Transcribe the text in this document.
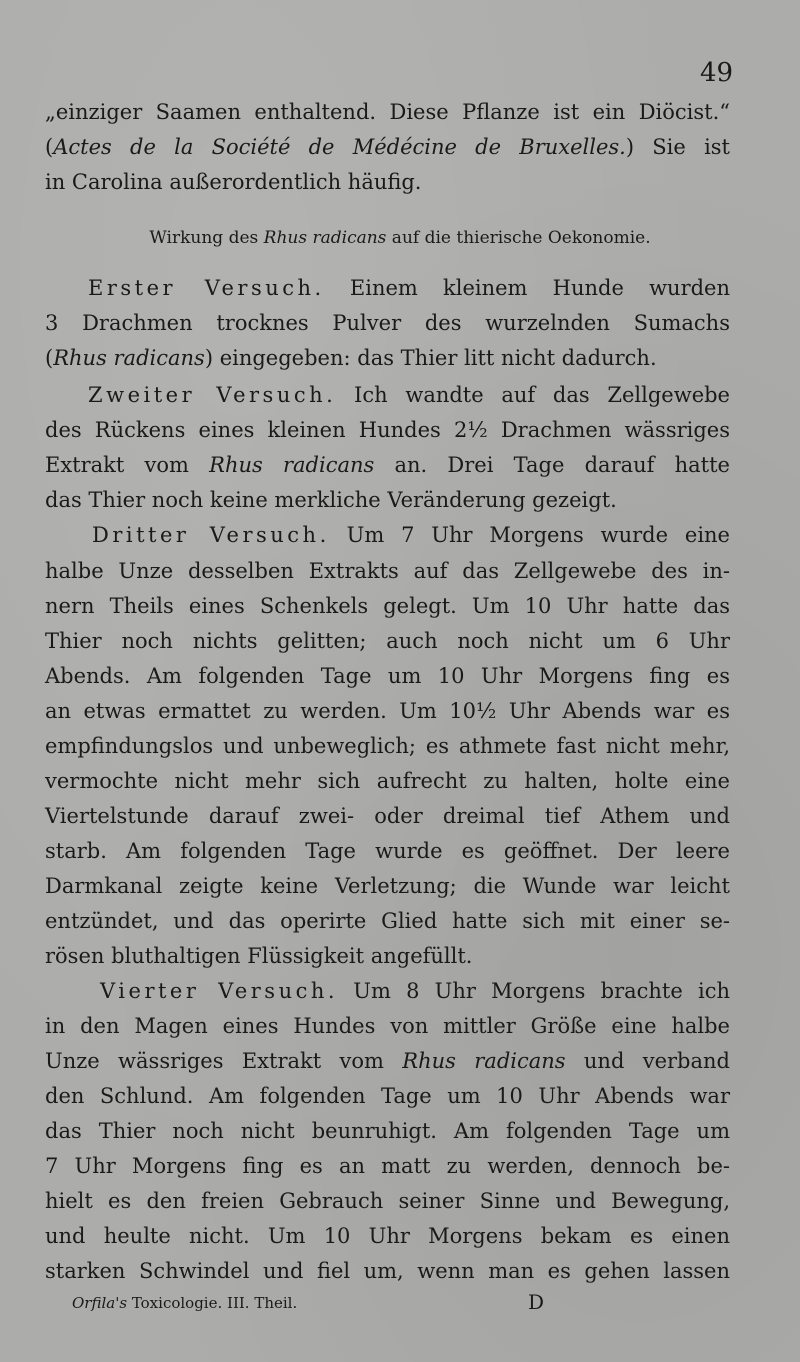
49
„einziger Saamen enthaltend. Diese Pflanze ist ein Diöcist.“
(Actes de la Société de Médécine de Bruxelles.) Sie ist
in Carolina außerordentlich häufig.
Wirkung des Rhus radicans auf die thierische Oekonomie.
Erster Versuch. Einem kleinem Hunde wurden
3 Drachmen trocknes Pulver des wurzelnden Sumachs
(Rhus radicans) eingegeben: das Thier litt nicht dadurch.
Zweiter Versuch. Ich wandte auf das Zellgewebe
des Rückens eines kleinen Hundes 2½ Drachmen wässriges
Extrakt vom Rhus radicans an. Drei Tage darauf hatte
das Thier noch keine merkliche Veränderung gezeigt.
Dritter Versuch. Um 7 Uhr Morgens wurde eine
halbe Unze desselben Extrakts auf das Zellgewebe des in-
nern Theils eines Schenkels gelegt. Um 10 Uhr hatte das
Thier noch nichts gelitten; auch noch nicht um 6 Uhr
Abends. Am folgenden Tage um 10 Uhr Morgens fing es
an etwas ermattet zu werden. Um 10½ Uhr Abends war es
empfindungslos und unbeweglich; es athmete fast nicht mehr,
vermochte nicht mehr sich aufrecht zu halten, holte eine
Viertelstunde darauf zwei- oder dreimal tief Athem und
starb. Am folgenden Tage wurde es geöffnet. Der leere
Darmkanal zeigte keine Verletzung; die Wunde war leicht
entzündet, und das operirte Glied hatte sich mit einer se-
rösen bluthaltigen Flüssigkeit angefüllt.
Vierter Versuch. Um 8 Uhr Morgens brachte ich
in den Magen eines Hundes von mittler Größe eine halbe
Unze wässriges Extrakt vom Rhus radicans und verband
den Schlund. Am folgenden Tage um 10 Uhr Abends war
das Thier noch nicht beunruhigt. Am folgenden Tage um
7 Uhr Morgens fing es an matt zu werden, dennoch be-
hielt es den freien Gebrauch seiner Sinne und Bewegung,
und heulte nicht. Um 10 Uhr Morgens bekam es einen
starken Schwindel und fiel um, wenn man es gehen lassen
Orfila's Toxicologie. III. Theil.	D
